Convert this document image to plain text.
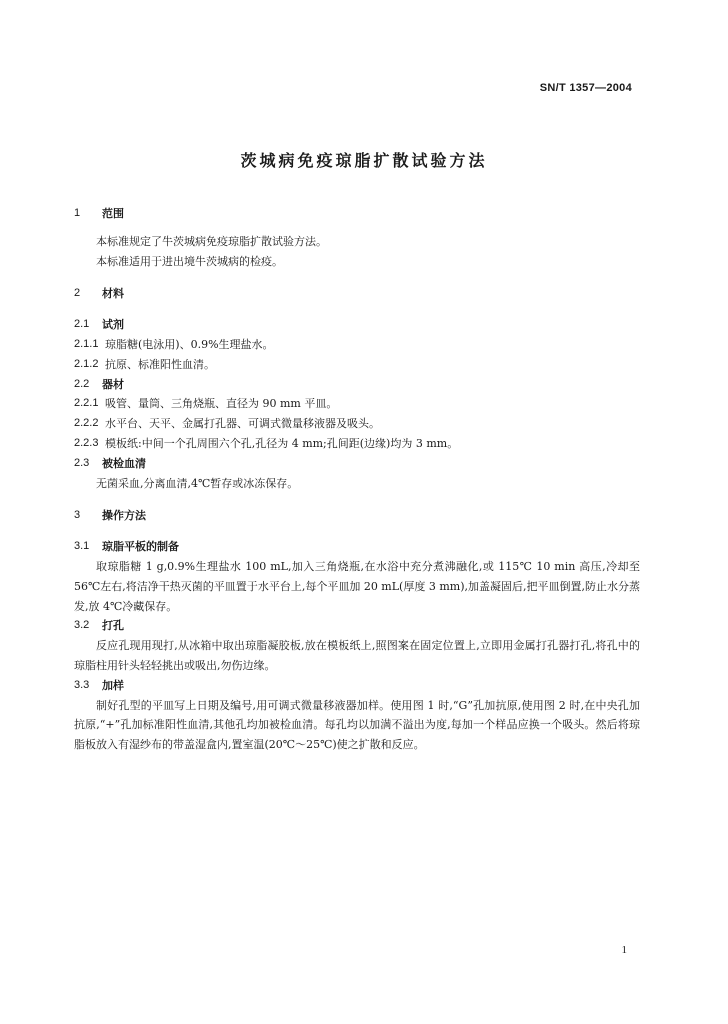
SN/T 1357—2004
茨城病免疫琼脂扩散试验方法
1	范围
本标准规定了牛茨城病免疫琼脂扩散试验方法。
本标准适用于进出境牛茨城病的检疫。
2	材料
2.1	试剂
2.1.1 琼脂糖(电泳用)、0.9%生理盐水。
2.1.2 抗原、标准阳性血清。
2.2	器材
2.2.1 吸管、量筒、三角烧瓶、直径为 90 mm 平皿。
2.2.2 水平台、天平、金属打孔器、可调式微量移液器及吸头。
2.2.3 模板纸:中间一个孔周围六个孔,孔径为 4 mm;孔间距(边缘)均为 3 mm。
2.3	被检血清
无菌采血,分离血清,4℃暂存或冰冻保存。
3	操作方法
3.1	琼脂平板的制备
取琼脂糖 1 g,0.9%生理盐水 100 mL,加入三角烧瓶,在水浴中充分煮沸融化,或 115℃ 10 min 高压,冷却至 56℃左右,将洁净干热灭菌的平皿置于水平台上,每个平皿加 20 mL(厚度 3 mm),加盖凝固后,把平皿倒置,防止水分蒸发,放 4℃冷藏保存。
3.2	打孔
反应孔现用现打,从冰箱中取出琼脂凝胶板,放在模板纸上,照图案在固定位置上,立即用金属打孔器打孔,将孔中的琼脂柱用针头轻轻挑出或吸出,勿伤边缘。
3.3	加样
制好孔型的平皿写上日期及编号,用可调式微量移液器加样。使用图 1 时,“G”孔加抗原,使用图 2 时,在中央孔加抗原,“+”孔加标准阳性血清,其他孔均加被检血清。每孔均以加满不溢出为度,每加一个样品应换一个吸头。然后将琼脂板放入有湿纱布的带盖湿盒内,置室温(20℃～25℃)使之扩散和反应。
1
